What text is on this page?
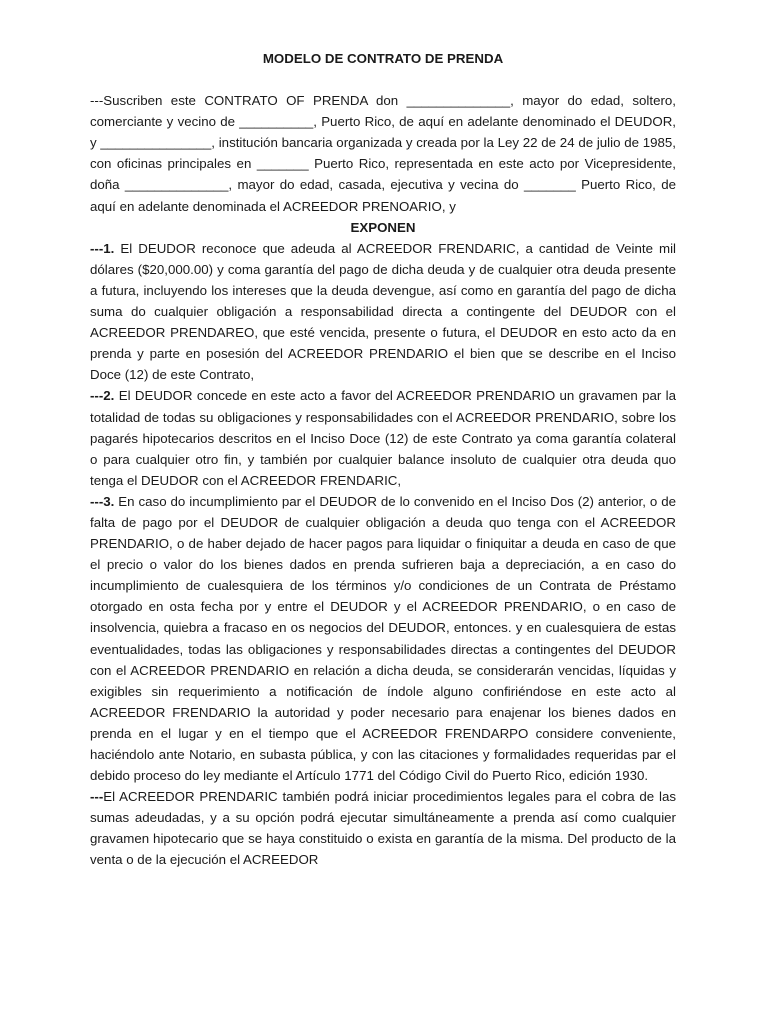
MODELO DE CONTRATO DE PRENDA

---Suscriben este CONTRATO OF PRENDA don ______________, mayor do edad, soltero, comerciante y vecino de __________, Puerto Rico, de aquí en adelante denominado el DEUDOR, y _______________, institución bancaria organizada y creada por la Ley 22 de 24 de julio de 1985, con oficinas principales en _______ Puerto Rico, representada en este acto por Vicepresidente, doña ______________, mayor do edad, casada, ejecutiva y vecina do _______ Puerto Rico, de aquí en adelante denominada el ACREEDOR PRENOARIO, y

EXPONEN

---1. El DEUDOR reconoce que adeuda al ACREEDOR FRENDARIC, a cantidad de Veinte mil dólares ($20,000.00) y coma garantía del pago de dicha deuda y de cualquier otra deuda presente a futura, incluyendo los intereses que la deuda devengue, así como en garantía del pago de dicha suma do cualquier obligación a responsabilidad directa a contingente del DEUDOR con el ACREEDOR PRENDAREO, que esté vencida, presente o futura, el DEUDOR en esto acto da en prenda y parte en posesión del ACREEDOR PRENDARIO el bien que se describe en el Inciso Doce (12) de este Contrato,

---2. El DEUDOR concede en este acto a favor del ACREEDOR PRENDARIO un gravamen par la totalidad de todas su obligaciones y responsabilidades con el ACREEDOR PRENDARIO, sobre los pagarés hipotecarios descritos en el Inciso Doce (12) de este Contrato ya coma garantía colateral o para cualquier otro fin, y también por cualquier balance insoluto de cualquier otra deuda quo tenga el DEUDOR con el ACREEDOR FRENDARIC,

---3. En caso do incumplimiento par el DEUDOR de lo convenido en el Inciso Dos (2) anterior, o de falta de pago por el DEUDOR de cualquier obligación a deuda quo tenga con el ACREEDOR PRENDARIO, o de haber dejado de hacer pagos para liquidar o finiquitar a deuda en caso de que el precio o valor do los bienes dados en prenda sufrieren baja a depreciación, a en caso do incumplimiento de cualesquiera de los términos y/o condiciones de un Contrata de Préstamo otorgado en osta fecha por y entre el DEUDOR y el ACREEDOR PRENDARIO, o en caso de insolvencia, quiebra a fracaso en os negocios del DEUDOR, entonces. y en cualesquiera de estas eventualidades, todas las obligaciones y responsabilidades directas a contingentes del DEUDOR con el ACREEDOR PRENDARIO en relación a dicha deuda, se considerarán vencidas, líquidas y exigibles sin requerimiento a notificación de índole alguno confiriéndose en este acto al ACREEDOR FRENDARIO la autoridad y poder necesario para enajenar los bienes dados en prenda en el lugar y en el tiempo que el ACREEDOR FRENDARPO considere conveniente, haciéndolo ante Notario, en subasta pública, y con las citaciones y formalidades requeridas par el debido proceso do ley mediante el Artículo 1771 del Código Civil do Puerto Rico, edición 1930.

---El ACREEDOR PRENDARIC también podrá iniciar procedimientos legales para el cobra de las sumas adeudadas, y a su opción podrá ejecutar simultáneamente a prenda así como cualquier gravamen hipotecario que se haya constituido o exista en garantía de la misma. Del producto de la venta o de la ejecución el ACREEDOR
